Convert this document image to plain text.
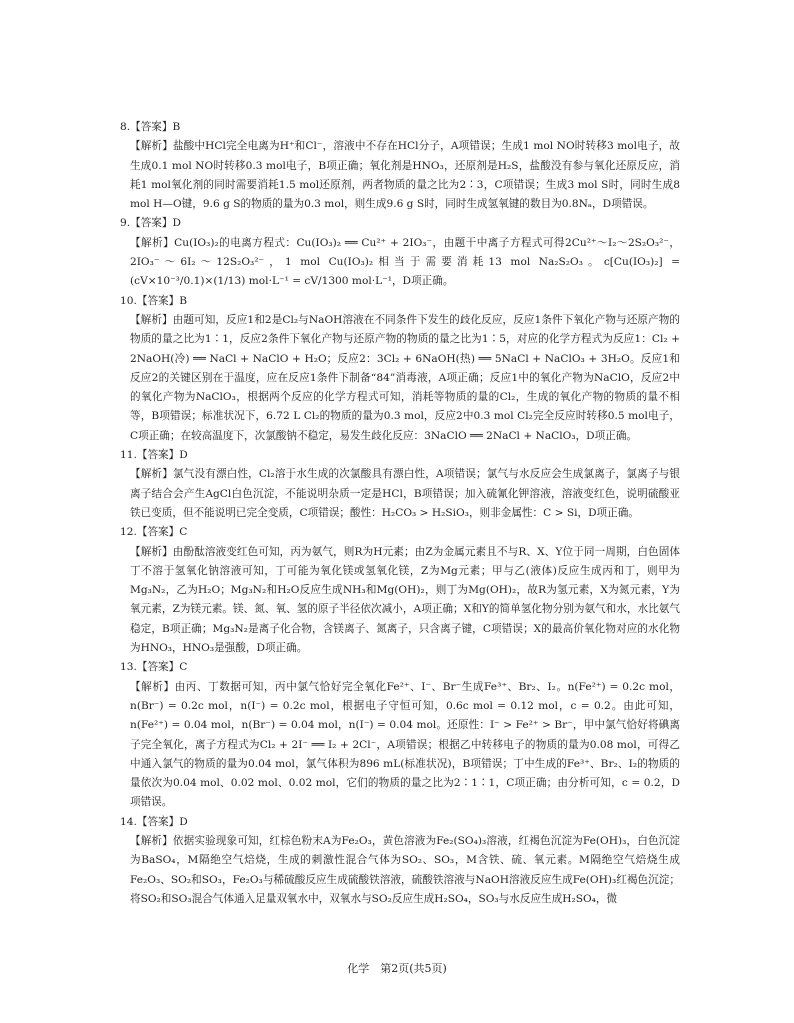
8.【答案】B

【解析】盐酸中HCl完全电离为H⁺和Cl⁻，溶液中不存在HCl分子，A项错误；生成1 mol NO时转移3 mol电子，故生成0.1 mol NO时转移0.3 mol电子，B项正确；氧化剂是HNO₃，还原剂是H₂S，盐酸没有参与氧化还原反应，消耗1 mol氧化剂的同时需要消耗1.5 mol还原剂，两者物质的量之比为2∶3，C项错误；生成3 mol S时，同时生成8 mol H—O键，9.6 g S的物质的量为0.3 mol，则生成9.6 g S时，同时生成氢氧键的数目为0.8Nₐ，D项错误。

9.【答案】D

【解析】Cu(IO₃)₂的电离方程式：Cu(IO₃)₂ ══ Cu²⁺ + 2IO₃⁻，由题干中离子方程式可得2Cu²⁺～I₂～2S₂O₃²⁻，2IO₃⁻～6I₂～12S₂O₃²⁻，1 mol Cu(IO₃)₂相当于需要消耗13 mol Na₂S₂O₃。c[Cu(IO₃)₂] = (cV×10⁻³/0.1)×(1/13) mol·L⁻¹ = cV/1300 mol·L⁻¹，D项正确。

10.【答案】B

【解析】由题可知，反应1和2是Cl₂与NaOH溶液在不同条件下发生的歧化反应，反应1条件下氧化产物与还原产物的物质的量之比为1∶1，反应2条件下氧化产物与还原产物的物质的量之比为1∶5，对应的化学方程式为反应1：Cl₂ + 2NaOH(冷) ══ NaCl + NaClO + H₂O；反应2：3Cl₂ + 6NaOH(热) ══ 5NaCl + NaClO₃ + 3H₂O。反应1和反应2的关键区别在于温度，应在反应1条件下制备“84”消毒液，A项正确；反应1中的氧化产物为NaClO，反应2中的氧化产物为NaClO₃，根据两个反应的化学方程式可知，消耗等物质的量的Cl₂，生成的氧化产物的物质的量不相等，B项错误；标准状况下，6.72 L Cl₂的物质的量为0.3 mol，反应2中0.3 mol Cl₂完全反应时转移0.5 mol电子，C项正确；在较高温度下，次氯酸钠不稳定，易发生歧化反应：3NaClO ══ 2NaCl + NaClO₃，D项正确。

11.【答案】D

【解析】氯气没有漂白性，Cl₂溶于水生成的次氯酸具有漂白性，A项错误；氯气与水反应会生成氯离子，氯离子与银离子结合会产生AgCl白色沉淀，不能说明杂质一定是HCl，B项错误；加入硫氰化钾溶液，溶液变红色，说明硫酸亚铁已变质，但不能说明已完全变质，C项错误；酸性：H₂CO₃ > H₂SiO₃，则非金属性：C > Si，D项正确。

12.【答案】C

【解析】由酚酞溶液变红色可知，丙为氨气，则R为H元素；由Z为金属元素且不与R、X、Y位于同一周期，白色固体丁不溶于氢氧化钠溶液可知，丁可能为氧化镁或氢氧化镁，Z为Mg元素；甲与乙(液体)反应生成丙和丁，则甲为Mg₃N₂，乙为H₂O；Mg₃N₂和H₂O反应生成NH₃和Mg(OH)₂，则丁为Mg(OH)₂，故R为氢元素，X为氮元素，Y为氧元素，Z为镁元素。镁、氮、氧、氢的原子半径依次减小，A项正确；X和Y的简单氢化物分别为氨气和水，水比氨气稳定，B项正确；Mg₃N₂是离子化合物，含镁离子、氮离子，只含离子键，C项错误；X的最高价氧化物对应的水化物为HNO₃，HNO₃是强酸，D项正确。

13.【答案】C

【解析】由丙、丁数据可知，丙中氯气恰好完全氧化Fe²⁺、I⁻、Br⁻生成Fe³⁺、Br₂、I₂。n(Fe²⁺) = 0.2c mol，n(Br⁻) = 0.2c mol，n(I⁻) = 0.2c mol，根据电子守恒可知，0.6c mol = 0.12 mol，c = 0.2。由此可知，n(Fe²⁺) = 0.04 mol，n(Br⁻) = 0.04 mol，n(I⁻) = 0.04 mol。还原性：I⁻ > Fe²⁺ > Br⁻，甲中氯气恰好将碘离子完全氧化，离子方程式为Cl₂ + 2I⁻ ══ I₂ + 2Cl⁻，A项错误；根据乙中转移电子的物质的量为0.08 mol，可得乙中通入氯气的物质的量为0.04 mol，氯气体积为896 mL(标准状况)，B项错误；丁中生成的Fe³⁺、Br₂、I₂的物质的量依次为0.04 mol、0.02 mol、0.02 mol，它们的物质的量之比为2∶1∶1，C项正确；由分析可知，c = 0.2，D项错误。

14.【答案】D

【解析】依据实验现象可知，红棕色粉末A为Fe₂O₃，黄色溶液为Fe₂(SO₄)₃溶液，红褐色沉淀为Fe(OH)₃，白色沉淀为BaSO₄，M隔绝空气焙烧，生成的刺激性混合气体为SO₂、SO₃，M含铁、硫、氧元素。M隔绝空气焙烧生成Fe₂O₃、SO₂和SO₃，Fe₂O₃与稀硫酸反应生成硫酸铁溶液，硫酸铁溶液与NaOH溶液反应生成Fe(OH)₃红褐色沉淀；将SO₂和SO₃混合气体通入足量双氧水中，双氧水与SO₂反应生成H₂SO₄，SO₃与水反应生成H₂SO₄，微

化学　第2页(共5页)
